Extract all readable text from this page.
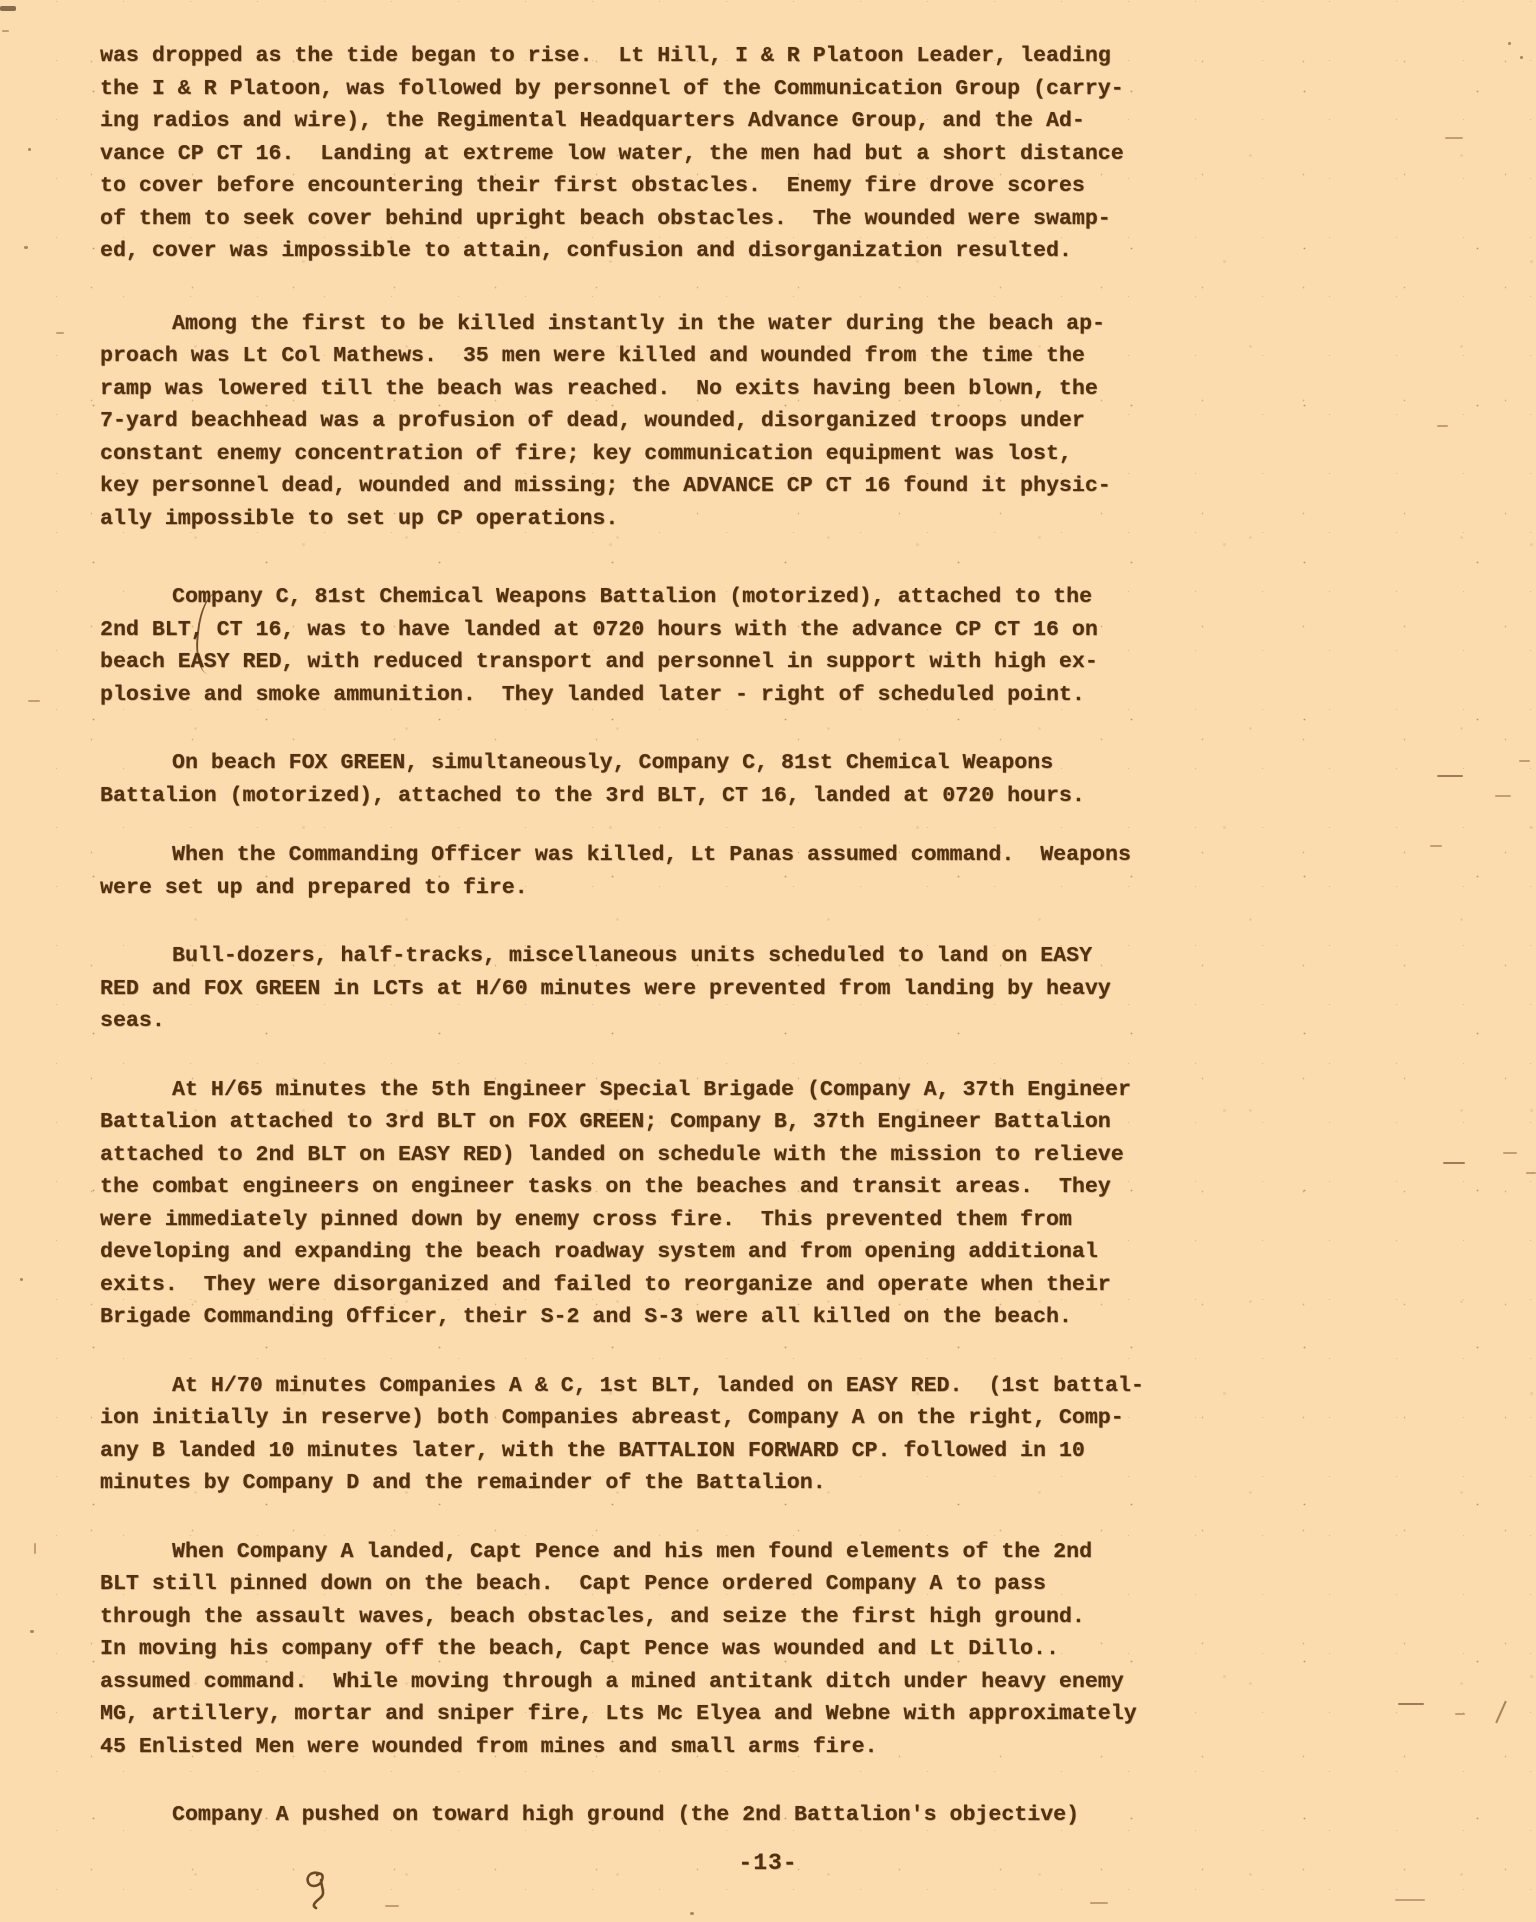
was dropped as the tide began to rise.  Lt Hill, I & R Platoon Leader, leading
the I & R Platoon, was followed by personnel of the Communication Group (carry-
ing radios and wire), the Regimental Headquarters Advance Group, and the Ad-
vance CP CT 16.  Landing at extreme low water, the men had but a short distance
to cover before encountering their first obstacles.  Enemy fire drove scores
of them to seek cover behind upright beach obstacles.  The wounded were swamp-
ed, cover was impossible to attain, confusion and disorganization resulted.

Among the first to be killed instantly in the water during the beach ap-
proach was Lt Col Mathews.  35 men were killed and wounded from the time the
ramp was lowered till the beach was reached.  No exits having been blown, the
7-yard beachhead was a profusion of dead, wounded, disorganized troops under
constant enemy concentration of fire; key communication equipment was lost,
key personnel dead, wounded and missing; the ADVANCE CP CT 16 found it physic-
ally impossible to set up CP operations.

Company C, 81st Chemical Weapons Battalion (motorized), attached to the
2nd BLT, CT 16, was to have landed at 0720 hours with the advance CP CT 16 on
beach EASY RED, with reduced transport and personnel in support with high ex-
plosive and smoke ammunition.  They landed later - right of scheduled point.

On beach FOX GREEN, simultaneously, Company C, 81st Chemical Weapons
Battalion (motorized), attached to the 3rd BLT, CT 16, landed at 0720 hours.

When the Commanding Officer was killed, Lt Panas assumed command.  Weapons
were set up and prepared to fire.

Bull-dozers, half-tracks, miscellaneous units scheduled to land on EASY
RED and FOX GREEN in LCTs at H/60 minutes were prevented from landing by heavy
seas.

At H/65 minutes the 5th Engineer Special Brigade (Company A, 37th Engineer
Battalion attached to 3rd BLT on FOX GREEN; Company B, 37th Engineer Battalion
attached to 2nd BLT on EASY RED) landed on schedule with the mission to relieve
the combat engineers on engineer tasks on the beaches and transit areas.  They
were immediately pinned down by enemy cross fire.  This prevented them from
developing and expanding the beach roadway system and from opening additional
exits.  They were disorganized and failed to reorganize and operate when their
Brigade Commanding Officer, their S-2 and S-3 were all killed on the beach.

At H/70 minutes Companies A & C, 1st BLT, landed on EASY RED.  (1st battal-
ion initially in reserve) both Companies abreast, Company A on the right, Comp-
any B landed 10 minutes later, with the BATTALION FORWARD CP. followed in 10
minutes by Company D and the remainder of the Battalion.

When Company A landed, Capt Pence and his men found elements of the 2nd
BLT still pinned down on the beach.  Capt Pence ordered Company A to pass
through the assault waves, beach obstacles, and seize the first high ground.
In moving his company off the beach, Capt Pence was wounded and Lt Dillo..
assumed command.  While moving through a mined antitank ditch under heavy enemy
MG, artillery, mortar and sniper fire, Lts Mc Elyea and Webne with approximately
45 Enlisted Men were wounded from mines and small arms fire.

Company A pushed on toward high ground (the 2nd Battalion's objective)

-13-
